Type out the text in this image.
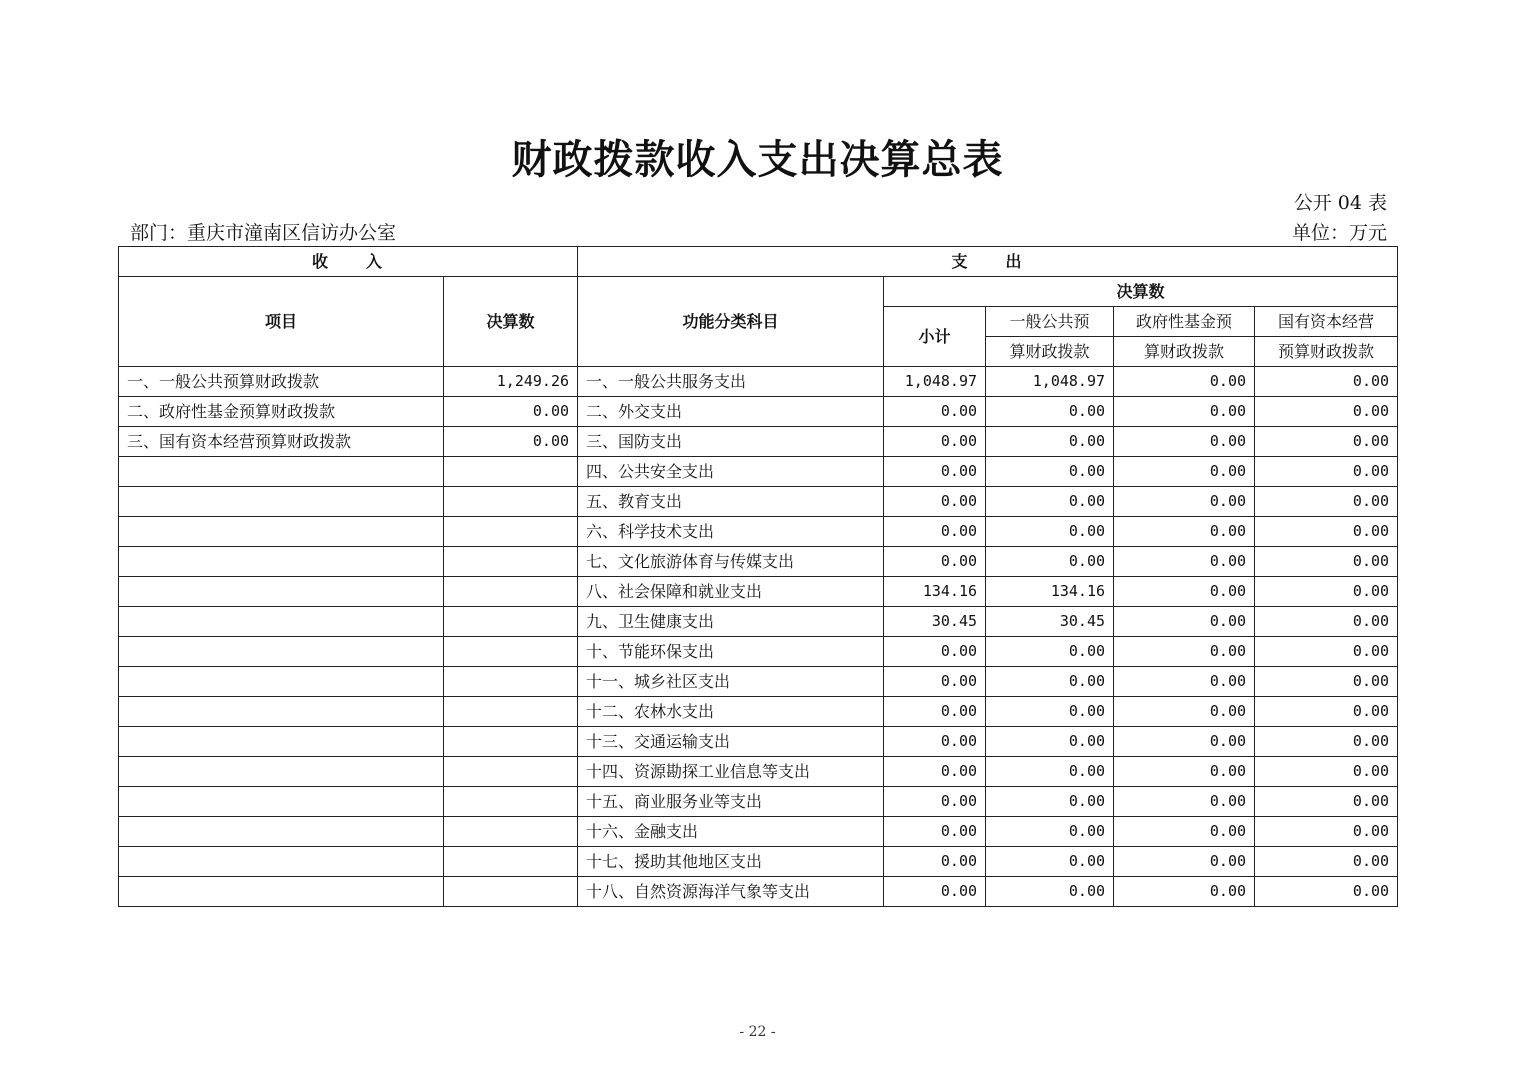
财政拨款收入支出决算总表
公开 04 表
部门：重庆市潼南区信访办公室	单位：万元
收　　入		支　　出				
项目	决算数	功能分类科目	决算数			
			小计	一般公共预	政府性基金预	国有资本经营
				算财政拨款	算财政拨款	预算财政拨款
一、一般公共预算财政拨款	1,249.26	一、一般公共服务支出	1,048.97	1,048.97	0.00	0.00
二、政府性基金预算财政拨款	0.00	二、外交支出	0.00	0.00	0.00	0.00
三、国有资本经营预算财政拨款	0.00	三、国防支出	0.00	0.00	0.00	0.00
		四、公共安全支出	0.00	0.00	0.00	0.00
		五、教育支出	0.00	0.00	0.00	0.00
		六、科学技术支出	0.00	0.00	0.00	0.00
		七、文化旅游体育与传媒支出	0.00	0.00	0.00	0.00
		八、社会保障和就业支出	134.16	134.16	0.00	0.00
		九、卫生健康支出	30.45	30.45	0.00	0.00
		十、节能环保支出	0.00	0.00	0.00	0.00
		十一、城乡社区支出	0.00	0.00	0.00	0.00
		十二、农林水支出	0.00	0.00	0.00	0.00
		十三、交通运输支出	0.00	0.00	0.00	0.00
		十四、资源勘探工业信息等支出	0.00	0.00	0.00	0.00
		十五、商业服务业等支出	0.00	0.00	0.00	0.00
		十六、金融支出	0.00	0.00	0.00	0.00
		十七、援助其他地区支出	0.00	0.00	0.00	0.00
		十八、自然资源海洋气象等支出	0.00	0.00	0.00	0.00
- 22 -
